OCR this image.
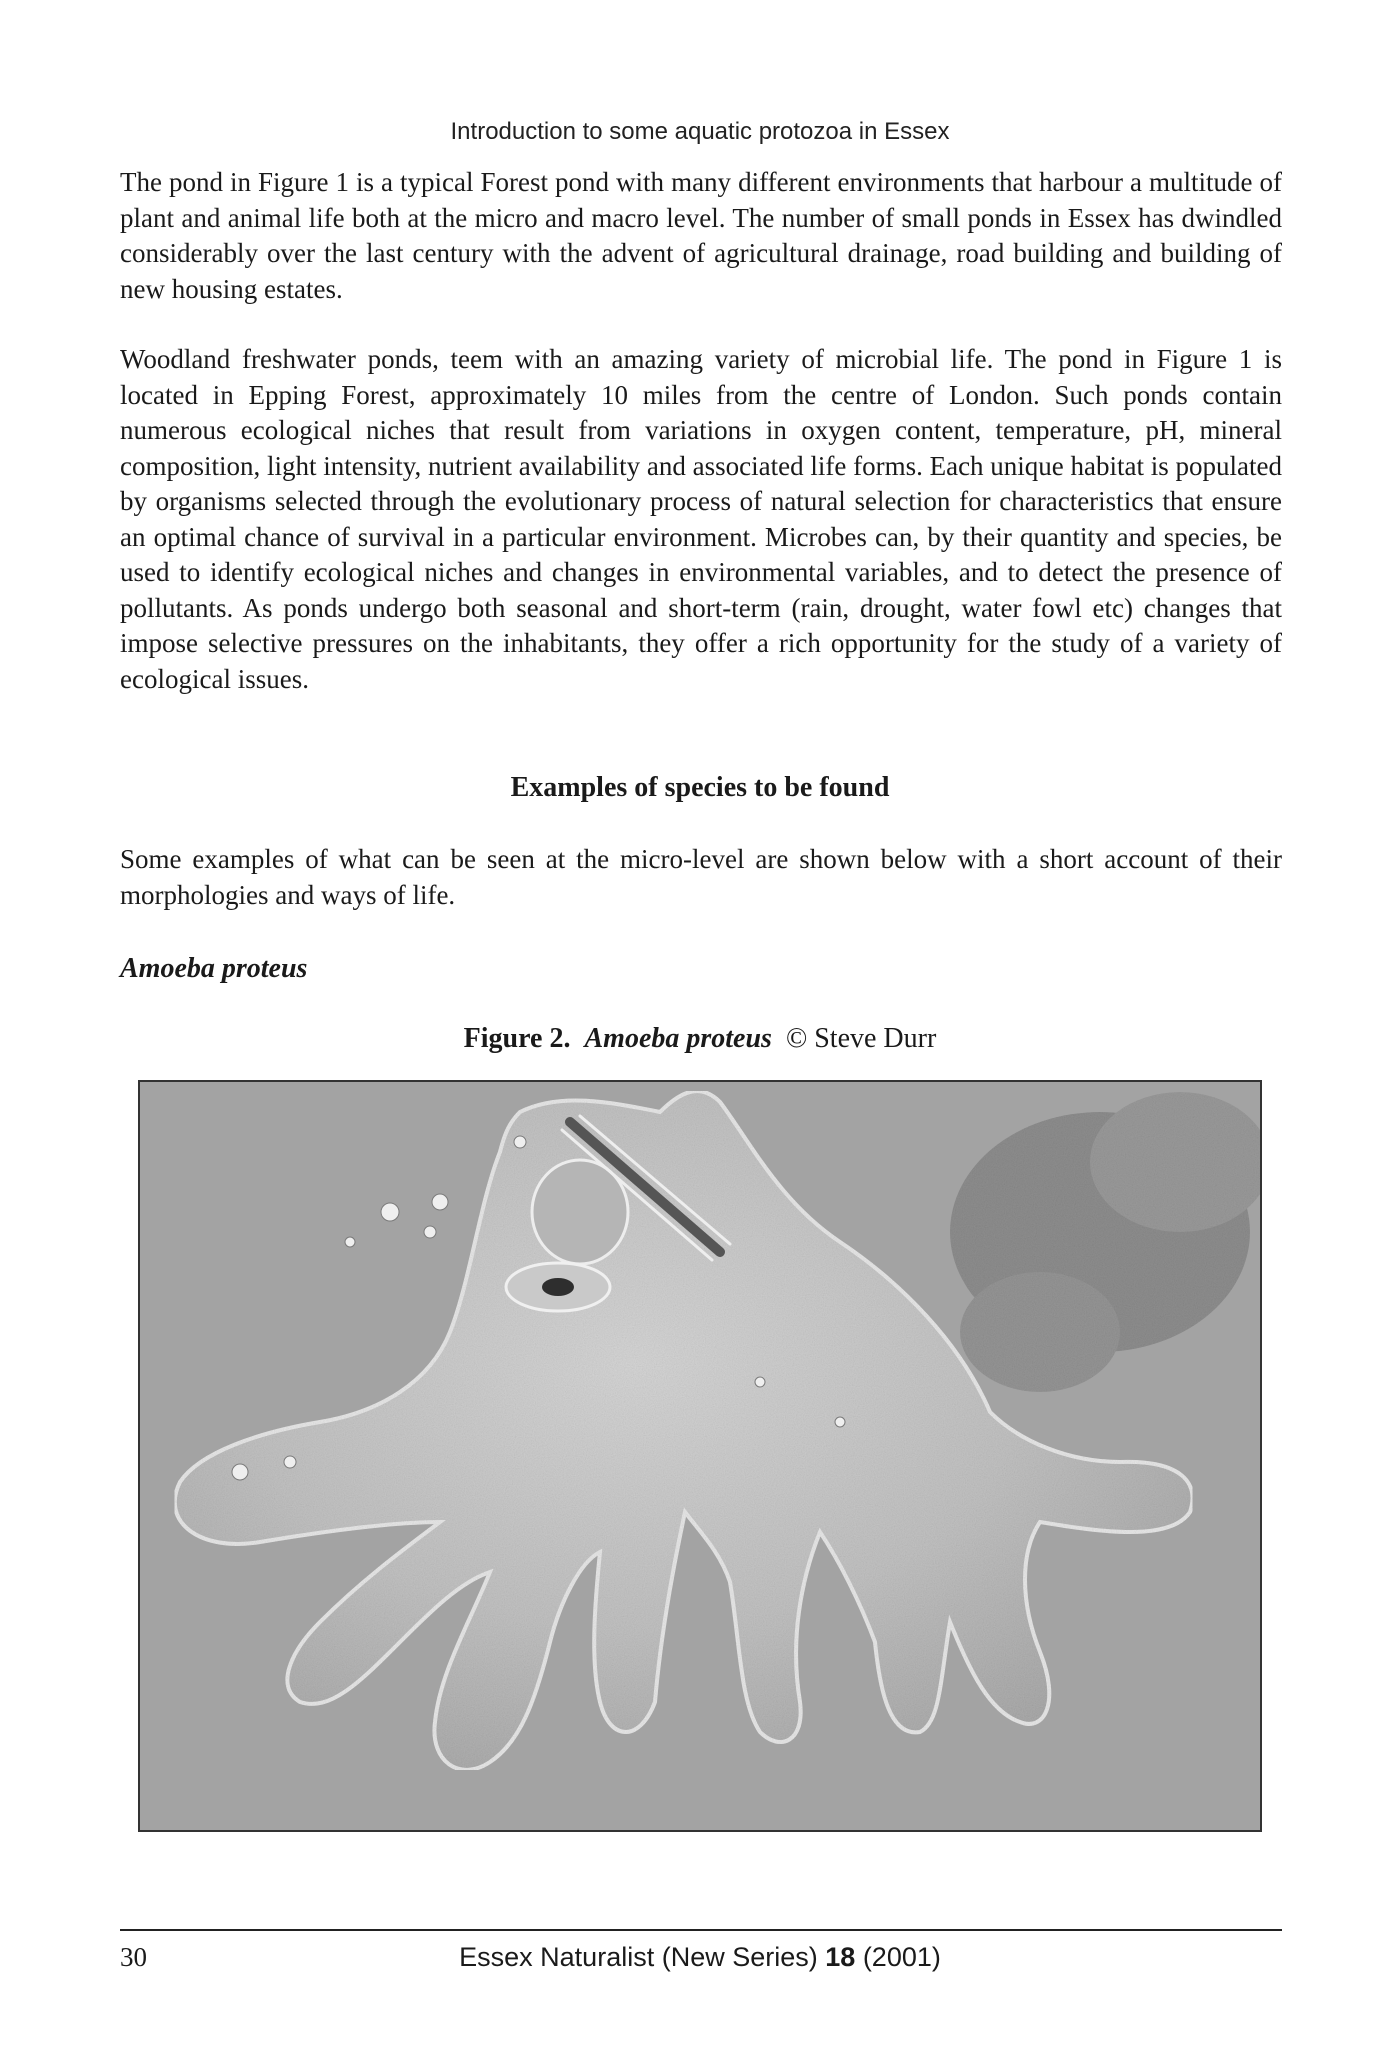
Introduction to some aquatic protozoa in Essex

The pond in Figure 1 is a typical Forest pond with many different environments that harbour a multitude of plant and animal life both at the micro and macro level. The number of small ponds in Essex has dwindled considerably over the last century with the advent of agricultural drainage, road building and building of new housing estates.

Woodland freshwater ponds, teem with an amazing variety of microbial life. The pond in Figure 1 is located in Epping Forest, approximately 10 miles from the centre of London. Such ponds contain numerous ecological niches that result from variations in oxygen content, temperature, pH, mineral composition, light intensity, nutrient availability and associated life forms. Each unique habitat is populated by organisms selected through the evolutionary process of natural selection for characteristics that ensure an optimal chance of survival in a particular environment. Microbes can, by their quantity and species, be used to identify ecological niches and changes in environmental variables, and to detect the presence of pollutants. As ponds undergo both seasonal and short-term (rain, drought, water fowl etc) changes that impose selective pressures on the inhabitants, they offer a rich opportunity for the study of a variety of ecological issues.

Examples of species to be found

Some examples of what can be seen at the micro-level are shown below with a short account of their morphologies and ways of life.

Amoeba proteus
Figure 2. Amoeba proteus © Steve Durr
30	Essex Naturalist (New Series) 18 (2001)
